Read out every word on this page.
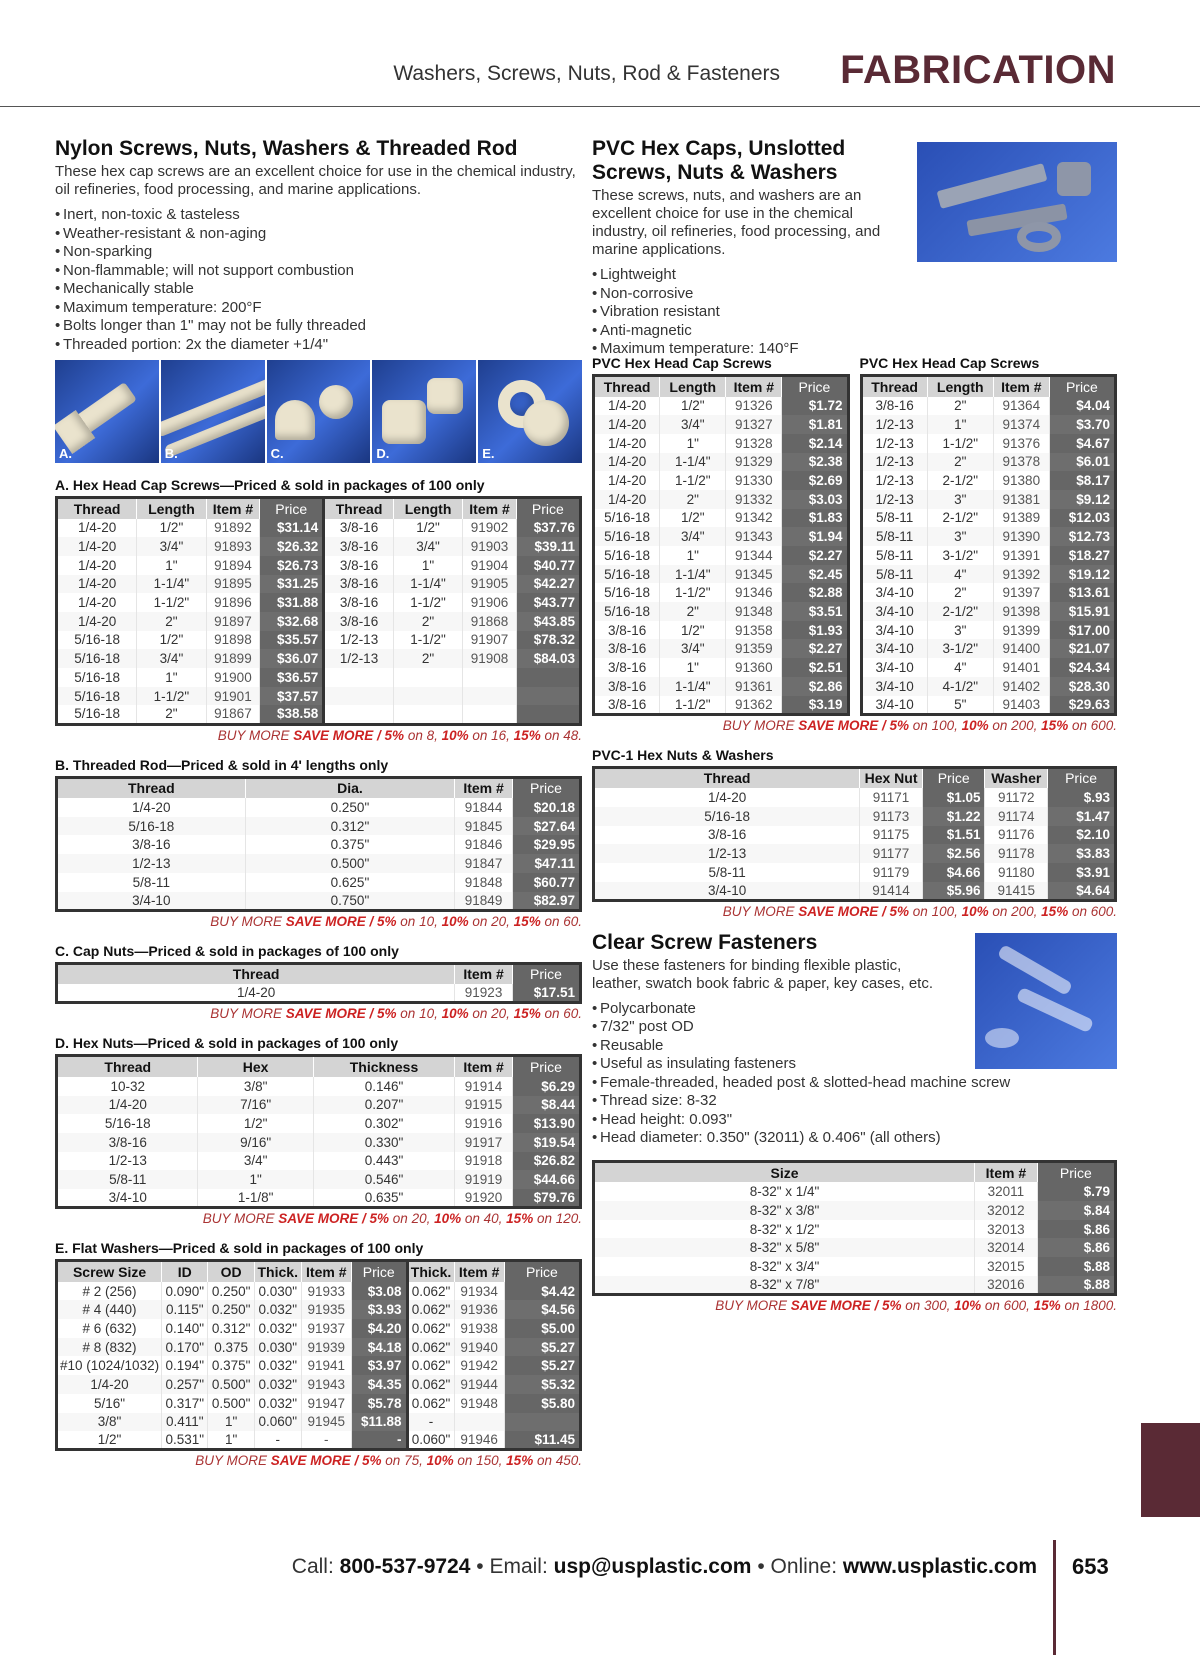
Washers, Screws, Nuts, Rod & Fasteners FABRICATION
Nylon Screws, Nuts, Washers & Threaded Rod

These hex cap screws are an excellent choice for use in the chemical industry, oil refineries, food processing, and marine applications.

• Inert, non-toxic & tasteless
• Weather-resistant & non-aging
• Non-sparking
• Non-flammable; will not support combustion
• Mechanically stable
• Maximum temperature: 200°F
• Bolts longer than 1" may not be fully threaded
• Threaded portion: 2x the diameter +1/4"
A.	B.	C.	D.	E.
A. Hex Head Cap Screws—Priced & sold in packages of 100 only
Thread	Length	Item #	Price	Thread	Length	Item #	Price
1/4-20	1/2"	91892	$31.14	3/8-16	1/2"	91902	$37.76
1/4-20	3/4"	91893	$26.32	3/8-16	3/4"	91903	$39.11
1/4-20	1"	91894	$26.73	3/8-16	1"	91904	$40.77
1/4-20	1-1/4"	91895	$31.25	3/8-16	1-1/4"	91905	$42.27
1/4-20	1-1/2"	91896	$31.88	3/8-16	1-1/2"	91906	$43.77
1/4-20	2"	91897	$32.68	3/8-16	2"	91868	$43.85
5/16-18	1/2"	91898	$35.57	1/2-13	1-1/2"	91907	$78.32
5/16-18	3/4"	91899	$36.07	1/2-13	2"	91908	$84.03
5/16-18	1"	91900	$36.57				
5/16-18	1-1/2"	91901	$37.57				
5/16-18	2"	91867	$38.58				
BUY MORE SAVE MORE / 5% on 8, 10% on 16, 15% on 48.
B. Threaded Rod—Priced & sold in 4' lengths only
Thread	Dia.	Item #	Price
1/4-20	0.250"	91844	$20.18
5/16-18	0.312"	91845	$27.64
3/8-16	0.375"	91846	$29.95
1/2-13	0.500"	91847	$47.11
5/8-11	0.625"	91848	$60.77
3/4-10	0.750"	91849	$82.97
BUY MORE SAVE MORE / 5% on 10, 10% on 20, 15% on 60.
C. Cap Nuts—Priced & sold in packages of 100 only
Thread	Item #	Price
1/4-20	91923	$17.51
BUY MORE SAVE MORE / 5% on 10, 10% on 20, 15% on 60.
D. Hex Nuts—Priced & sold in packages of 100 only
Thread	Hex	Thickness	Item #	Price
10-32	3/8"	0.146"	91914	$6.29
1/4-20	7/16"	0.207"	91915	$8.44
5/16-18	1/2"	0.302"	91916	$13.90
3/8-16	9/16"	0.330"	91917	$19.54
1/2-13	3/4"	0.443"	91918	$26.82
5/8-11	1"	0.546"	91919	$44.66
3/4-10	1-1/8"	0.635"	91920	$79.76
BUY MORE SAVE MORE / 5% on 20, 10% on 40, 15% on 120.
E. Flat Washers—Priced & sold in packages of 100 only
Screw Size	ID	OD	Thick.	Item #	Price	Thick.	Item #	Price
# 2 (256)	0.090"	0.250"	0.030"	91933	$3.08	0.062"	91934	$4.42
# 4 (440)	0.115"	0.250"	0.032"	91935	$3.93	0.062"	91936	$4.56
# 6 (632)	0.140"	0.312"	0.032"	91937	$4.20	0.062"	91938	$5.00
# 8 (832)	0.170"	0.375	0.030"	91939	$4.18	0.062"	91940	$5.27
#10 (1024/1032)	0.194"	0.375"	0.032"	91941	$3.97	0.062"	91942	$5.27
1/4-20	0.257"	0.500"	0.032"	91943	$4.35	0.062"	91944	$5.32
5/16"	0.317"	0.500"	0.032"	91947	$5.78	0.062"	91948	$5.80
3/8"	0.411"	1"	0.060"	91945	$11.88	-		
1/2"	0.531"	1"	-	-	-	0.060"	91946	$11.45
BUY MORE SAVE MORE / 5% on 75, 10% on 150, 15% on 450.
PVC Hex Caps, Unslotted Screws, Nuts & Washers

These screws, nuts, and washers are an excellent choice for use in the chemical industry, oil refineries, food processing, and marine applications.

• Lightweight
• Non-corrosive
• Vibration resistant
• Anti-magnetic
• Maximum temperature: 140°F
PVC Hex Head Cap Screws
Thread	Length	Item #	Price
1/4-20	1/2"	91326	$1.72
1/4-20	3/4"	91327	$1.81
1/4-20	1"	91328	$2.14
1/4-20	1-1/4"	91329	$2.38
1/4-20	1-1/2"	91330	$2.69
1/4-20	2"	91332	$3.03
5/16-18	1/2"	91342	$1.83
5/16-18	3/4"	91343	$1.94
5/16-18	1"	91344	$2.27
5/16-18	1-1/4"	91345	$2.45
5/16-18	1-1/2"	91346	$2.88
5/16-18	2"	91348	$3.51
3/8-16	1/2"	91358	$1.93
3/8-16	3/4"	91359	$2.27
3/8-16	1"	91360	$2.51
3/8-16	1-1/4"	91361	$2.86
3/8-16	1-1/2"	91362	$3.19
PVC Hex Head Cap Screws
Thread	Length	Item #	Price
3/8-16	2"	91364	$4.04
1/2-13	1"	91374	$3.70
1/2-13	1-1/2"	91376	$4.67
1/2-13	2"	91378	$6.01
1/2-13	2-1/2"	91380	$8.17
1/2-13	3"	91381	$9.12
5/8-11	2-1/2"	91389	$12.03
5/8-11	3"	91390	$12.73
5/8-11	3-1/2"	91391	$18.27
5/8-11	4"	91392	$19.12
3/4-10	2"	91397	$13.61
3/4-10	2-1/2"	91398	$15.91
3/4-10	3"	91399	$17.00
3/4-10	3-1/2"	91400	$21.07
3/4-10	4"	91401	$24.34
3/4-10	4-1/2"	91402	$28.30
3/4-10	5"	91403	$29.63
BUY MORE SAVE MORE / 5% on 100, 10% on 200, 15% on 600.
PVC-1 Hex Nuts & Washers
Thread	Hex Nut	Price	Washer	Price
1/4-20	91171	$1.05	91172	$.93
5/16-18	91173	$1.22	91174	$1.47
3/8-16	91175	$1.51	91176	$2.10
1/2-13	91177	$2.56	91178	$3.83
5/8-11	91179	$4.66	91180	$3.91
3/4-10	91414	$5.96	91415	$4.64
BUY MORE SAVE MORE / 5% on 100, 10% on 200, 15% on 600.
Clear Screw Fasteners

Use these fasteners for binding flexible plastic, leather, swatch book fabric & paper, key cases, etc.

• Polycarbonate
• 7/32" post OD
• Reusable
• Useful as insulating fasteners
• Female-threaded, headed post & slotted-head machine screw
• Thread size: 8-32
• Head height: 0.093"
• Head diameter: 0.350" (32011) & 0.406" (all others)
Size	Item #	Price
8-32" x 1/4"	32011	$.79
8-32" x 3/8"	32012	$.84
8-32" x 1/2"	32013	$.86
8-32" x 5/8"	32014	$.86
8-32" x 3/4"	32015	$.88
8-32" x 7/8"	32016	$.88
BUY MORE SAVE MORE / 5% on 300, 10% on 600, 15% on 1800.
Call: 800-537-9724 • Email: usp@usplastic.com • Online: www.usplastic.com 653
